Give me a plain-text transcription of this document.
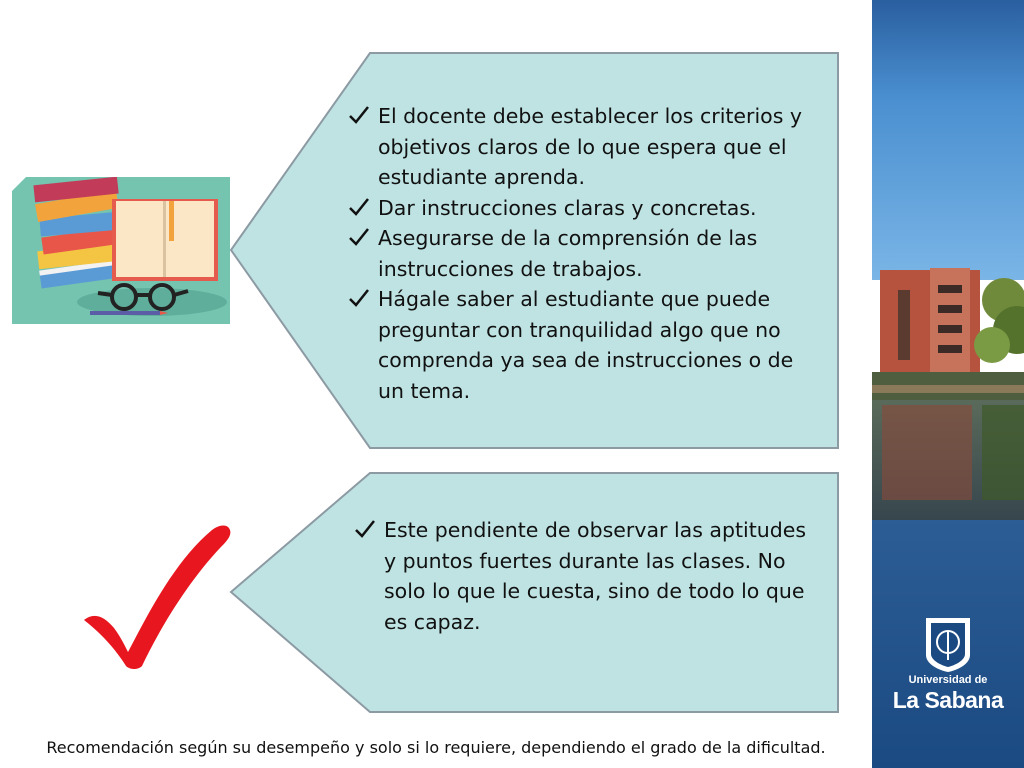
El docente debe establecer los criterios y objetivos claros de lo que espera que el estudiante aprenda.
Dar instrucciones claras y concretas.
Asegurarse de la comprensión de las instrucciones de trabajos.
Hágale saber al estudiante que puede preguntar con tranquilidad algo que no comprenda ya sea de instrucciones o de un tema.
Este pendiente de observar las aptitudes y puntos fuertes durante las clases. No solo lo que le cuesta, sino de todo lo que es capaz.
Recomendación según su desempeño y solo si lo requiere, dependiendo el grado de la dificultad.
Universidad de
La Sabana
